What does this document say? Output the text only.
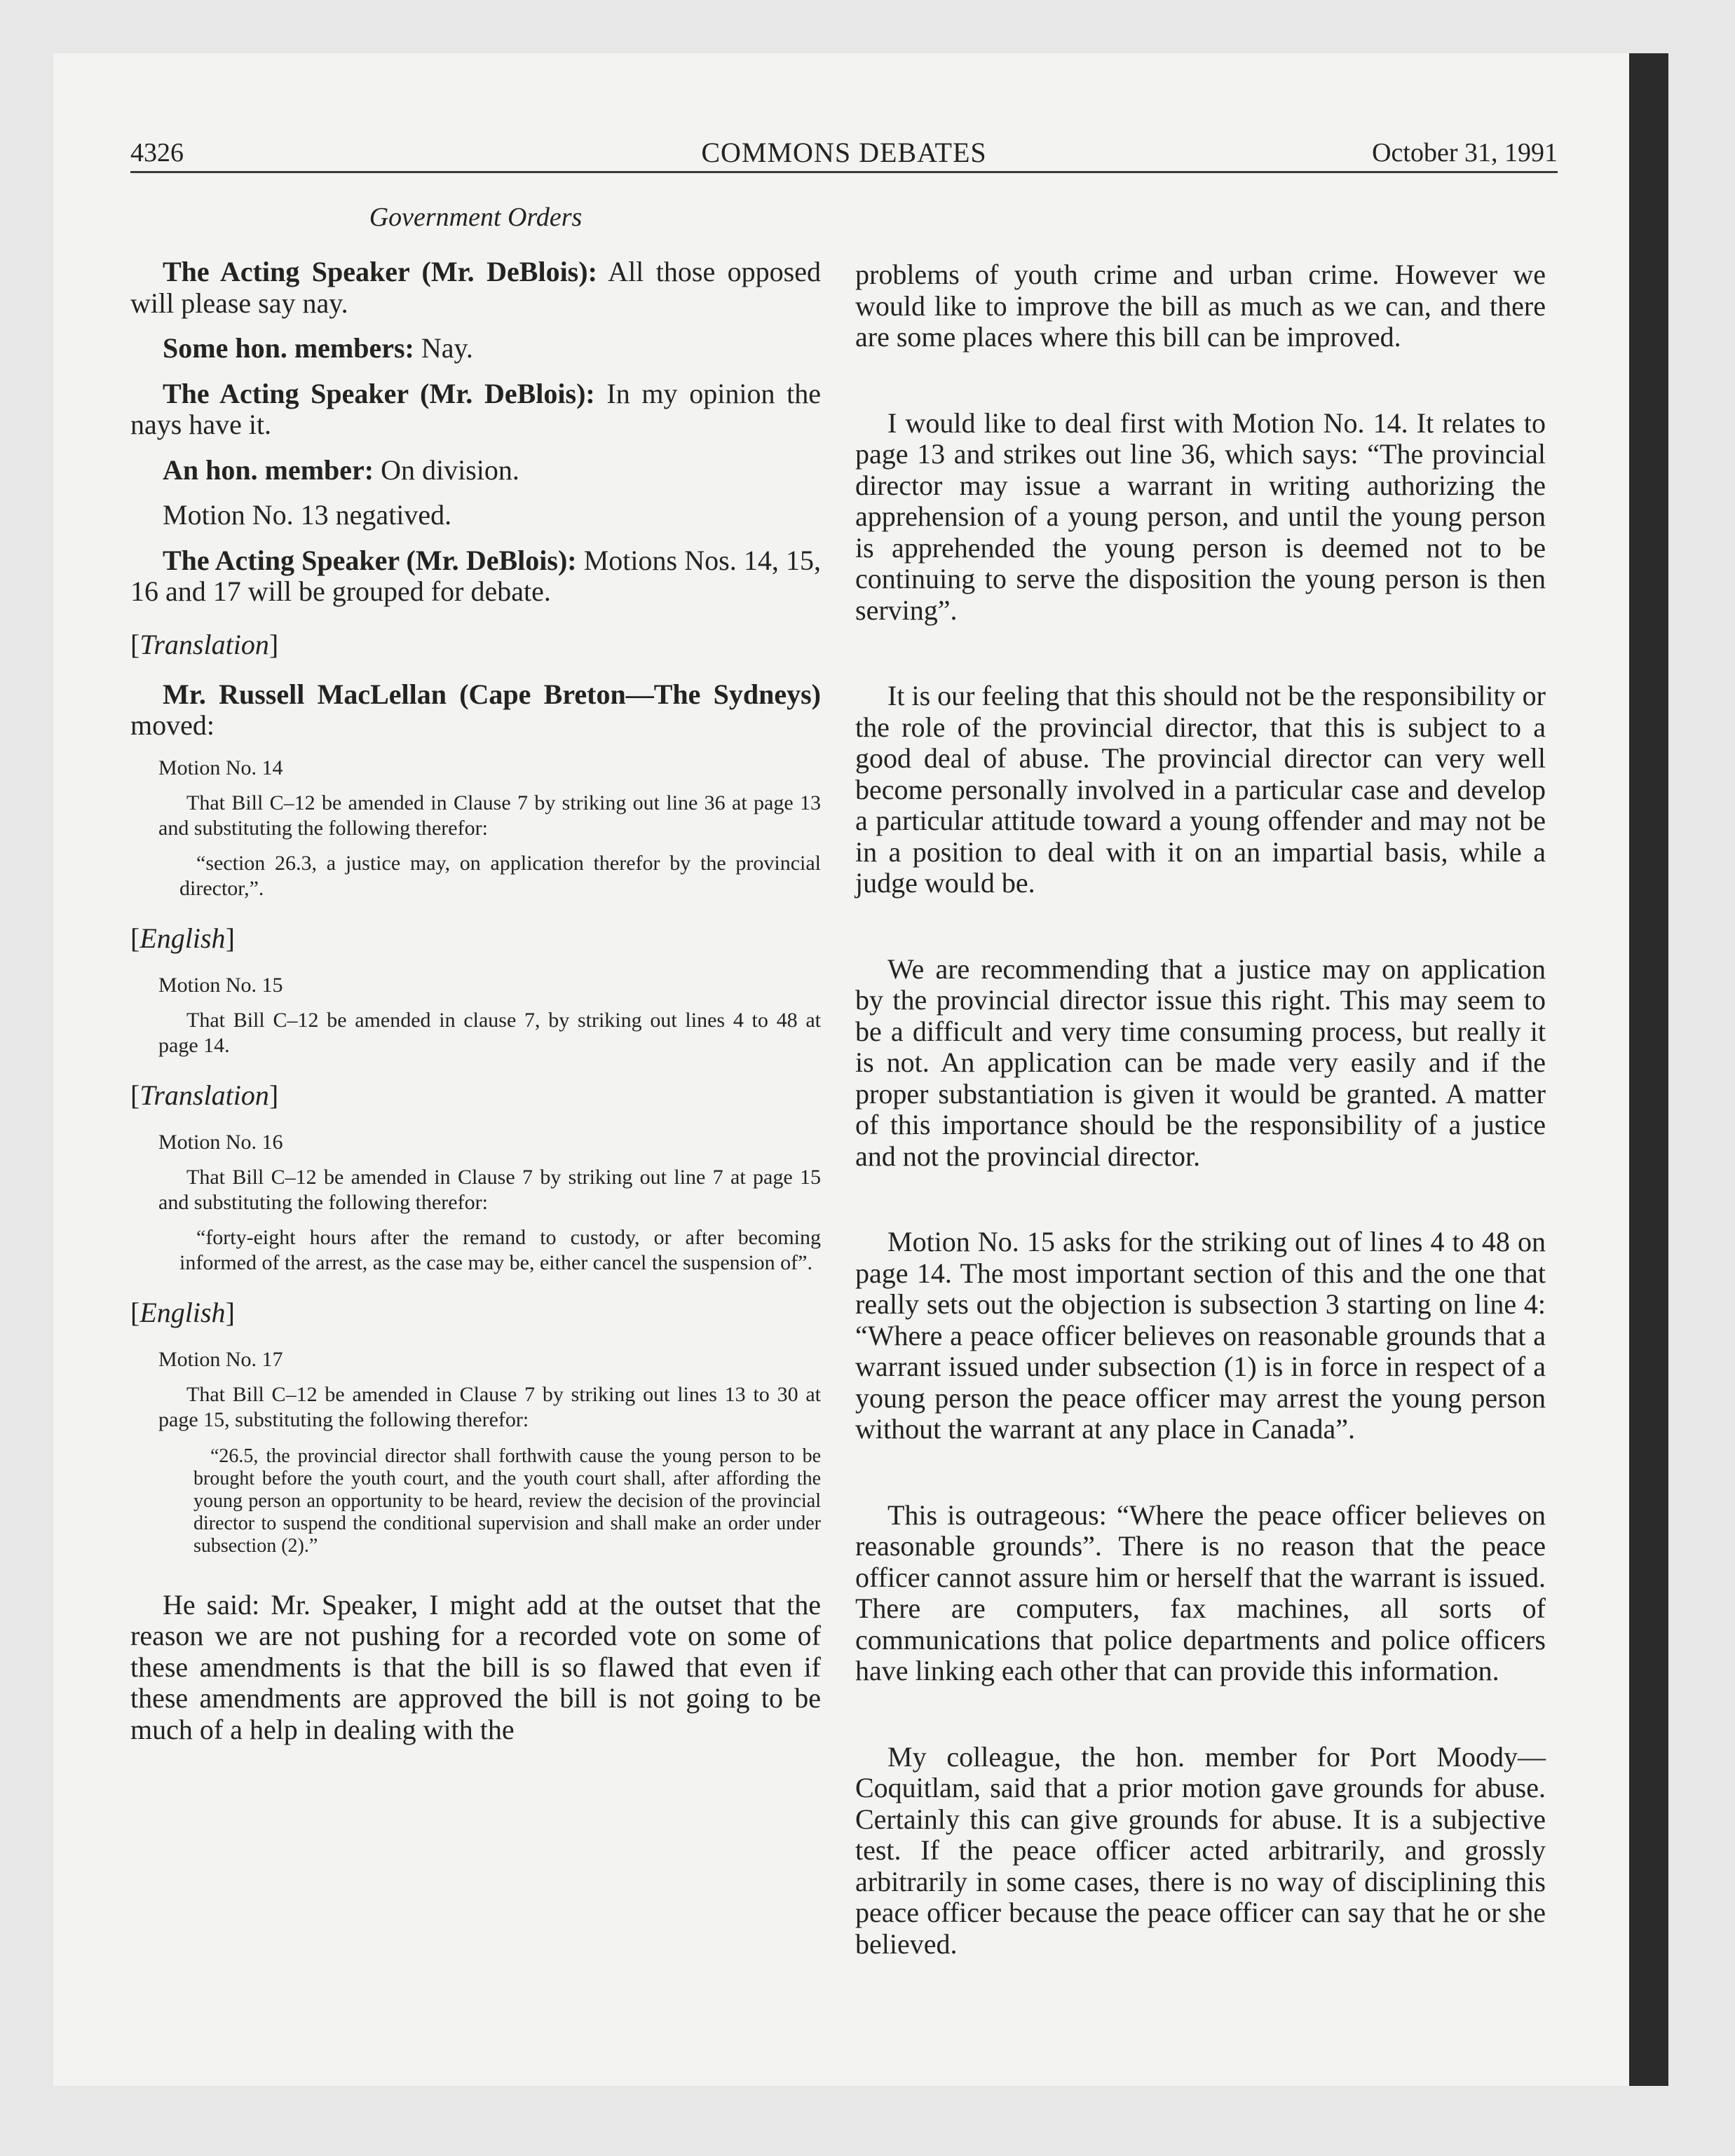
4326	COMMONS DEBATES	October 31, 1991

Government Orders

The Acting Speaker (Mr. DeBlois): All those opposed will please say nay.

Some hon. members: Nay.

The Acting Speaker (Mr. DeBlois): In my opinion the nays have it.

An hon. member: On division.

Motion No. 13 negatived.

The Acting Speaker (Mr. DeBlois): Motions Nos. 14, 15, 16 and 17 will be grouped for debate.

[Translation]

Mr. Russell MacLellan (Cape Breton—The Sydneys) moved:

Motion No. 14

That Bill C–12 be amended in Clause 7 by striking out line 36 at page 13 and substituting the following therefor:

“section 26.3, a justice may, on application therefor by the provincial director,”.

[English]

Motion No. 15

That Bill C–12 be amended in clause 7, by striking out lines 4 to 48 at page 14.

[Translation]

Motion No. 16

That Bill C–12 be amended in Clause 7 by striking out line 7 at page 15 and substituting the following therefor:

“forty-eight hours after the remand to custody, or after becoming informed of the arrest, as the case may be, either cancel the suspension of”.

[English]

Motion No. 17

That Bill C–12 be amended in Clause 7 by striking out lines 13 to 30 at page 15, substituting the following therefor:

“26.5, the provincial director shall forthwith cause the young person to be brought before the youth court, and the youth court shall, after affording the young person an opportunity to be heard, review the decision of the provincial director to suspend the conditional supervision and shall make an order under subsection (2).”

He said: Mr. Speaker, I might add at the outset that the reason we are not pushing for a recorded vote on some of these amendments is that the bill is so flawed that even if these amendments are approved the bill is not going to be much of a help in dealing with the

problems of youth crime and urban crime. However we would like to improve the bill as much as we can, and there are some places where this bill can be improved.

I would like to deal first with Motion No. 14. It relates to page 13 and strikes out line 36, which says: “The provincial director may issue a warrant in writing authorizing the apprehension of a young person, and until the young person is apprehended the young person is deemed not to be continuing to serve the disposition the young person is then serving”.

It is our feeling that this should not be the responsibility or the role of the provincial director, that this is subject to a good deal of abuse. The provincial director can very well become personally involved in a particular case and develop a particular attitude toward a young offender and may not be in a position to deal with it on an impartial basis, while a judge would be.

We are recommending that a justice may on application by the provincial director issue this right. This may seem to be a difficult and very time consuming process, but really it is not. An application can be made very easily and if the proper substantiation is given it would be granted. A matter of this importance should be the responsibility of a justice and not the provincial director.

Motion No. 15 asks for the striking out of lines 4 to 48 on page 14. The most important section of this and the one that really sets out the objection is subsection 3 starting on line 4: “Where a peace officer believes on reasonable grounds that a warrant issued under subsection (1) is in force in respect of a young person the peace officer may arrest the young person without the warrant at any place in Canada”.

This is outrageous: “Where the peace officer believes on reasonable grounds”. There is no reason that the peace officer cannot assure him or herself that the warrant is issued. There are computers, fax machines, all sorts of communications that police departments and police officers have linking each other that can provide this information.

My colleague, the hon. member for Port Moody—Coquitlam, said that a prior motion gave grounds for abuse. Certainly this can give grounds for abuse. It is a subjective test. If the peace officer acted arbitrarily, and grossly arbitrarily in some cases, there is no way of disciplining this peace officer because the peace officer can say that he or she believed.
